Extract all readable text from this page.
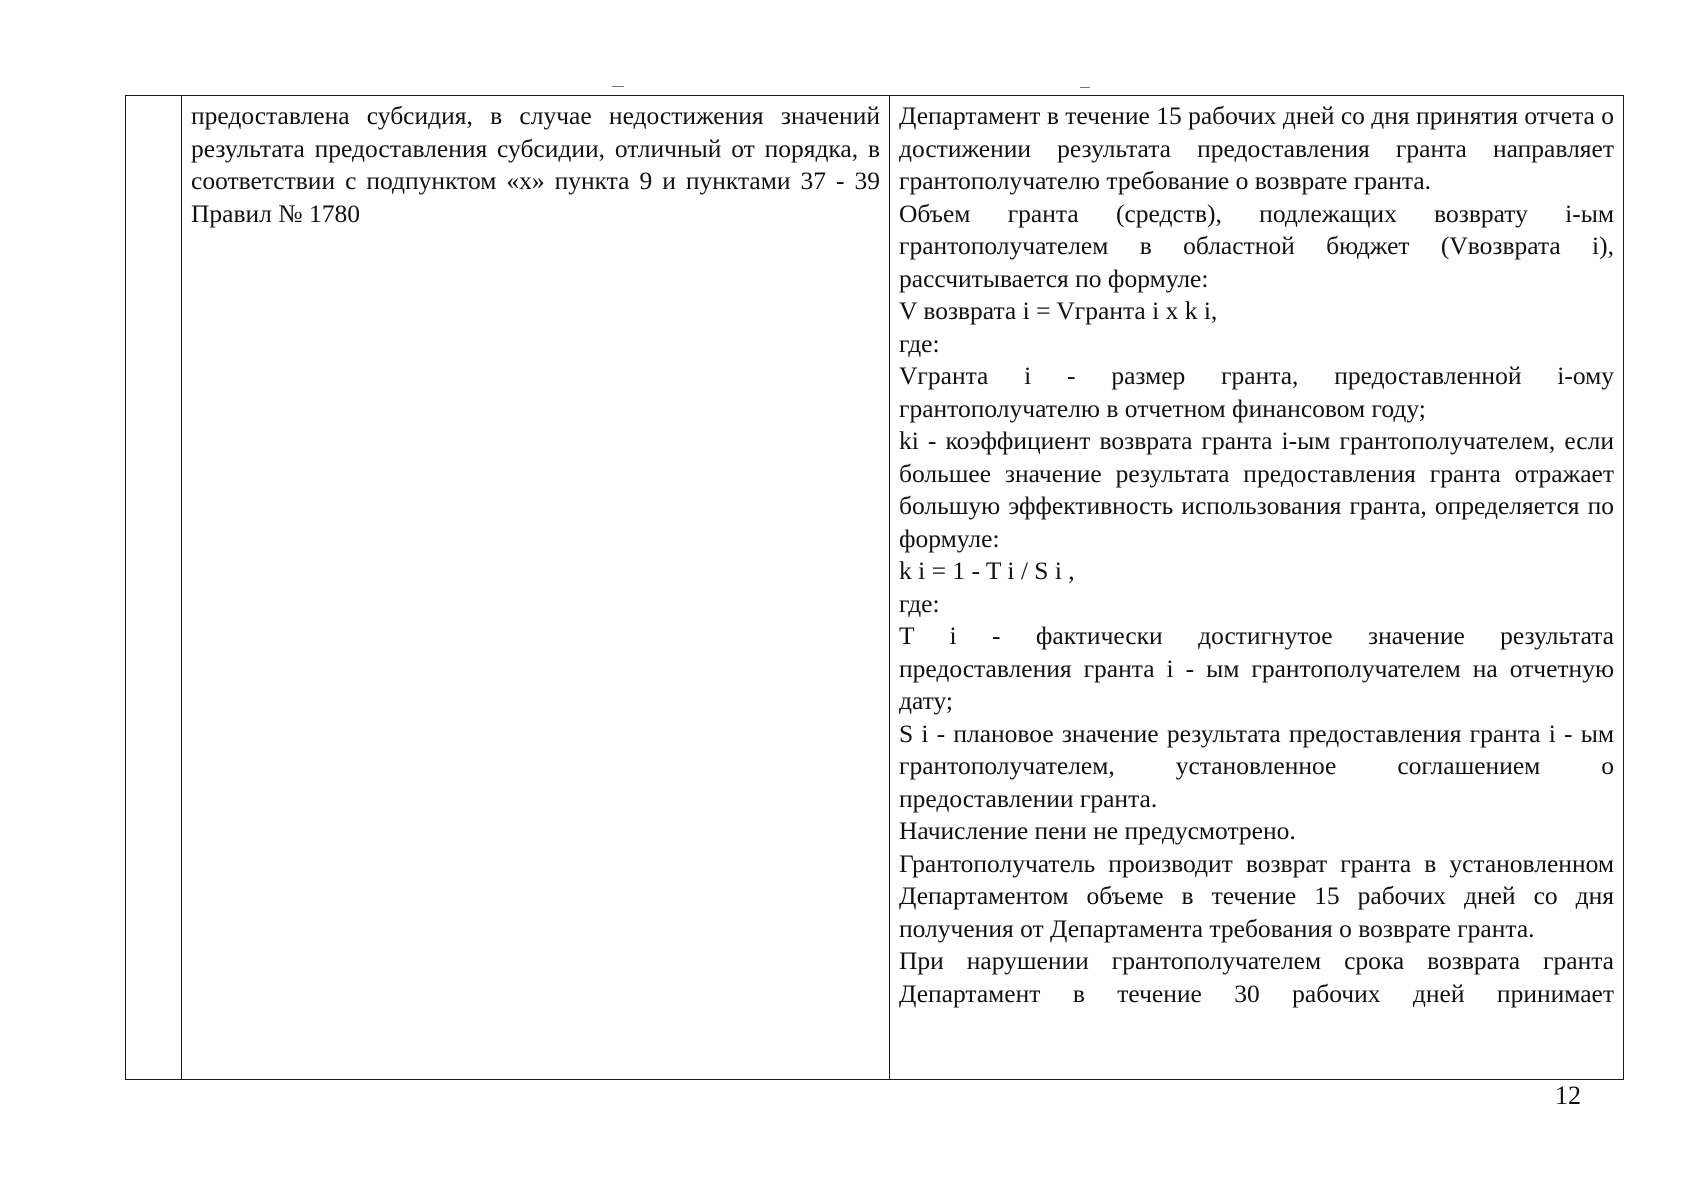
предоставлена субсидия, в случае недостижения значений результата предоставления субсидии, отличный от порядка, в соответствии с подпунктом «х» пункта 9 и пунктами 37 - 39 Правил № 1780

Департамент в течение 15 рабочих дней со дня принятия отчета о достижении результата предоставления гранта направляет грантополучателю требование о возврате гранта.

Объем гранта (средств), подлежащих возврату i-ым грантополучателем в областной бюджет (Vвозврата i), рассчитывается по формуле:

V возврата i = Vгранта i x k i,

где:

Vгранта i - размер гранта, предоставленной i-ому грантополучателю в отчетном финансовом году;

ki - коэффициент возврата гранта i-ым грантополучателем, если большее значение результата предоставления гранта отражает большую эффективность использования гранта, определяется по формуле:

k i = 1 - T i / S i ,

где:

T i - фактически достигнутое значение результата предоставления гранта i - ым грантополучателем на отчетную дату;

S i - плановое значение результата предоставления гранта i - ым грантополучателем, установленное соглашением о предоставлении гранта.

Начисление пени не предусмотрено.

Грантополучатель производит возврат гранта в установленном Департаментом объеме в течение 15 рабочих дней со дня получения от Департамента требования о возврате гранта.

При нарушении грантополучателем срока возврата гранта Департамент в течение 30 рабочих дней принимает

12
